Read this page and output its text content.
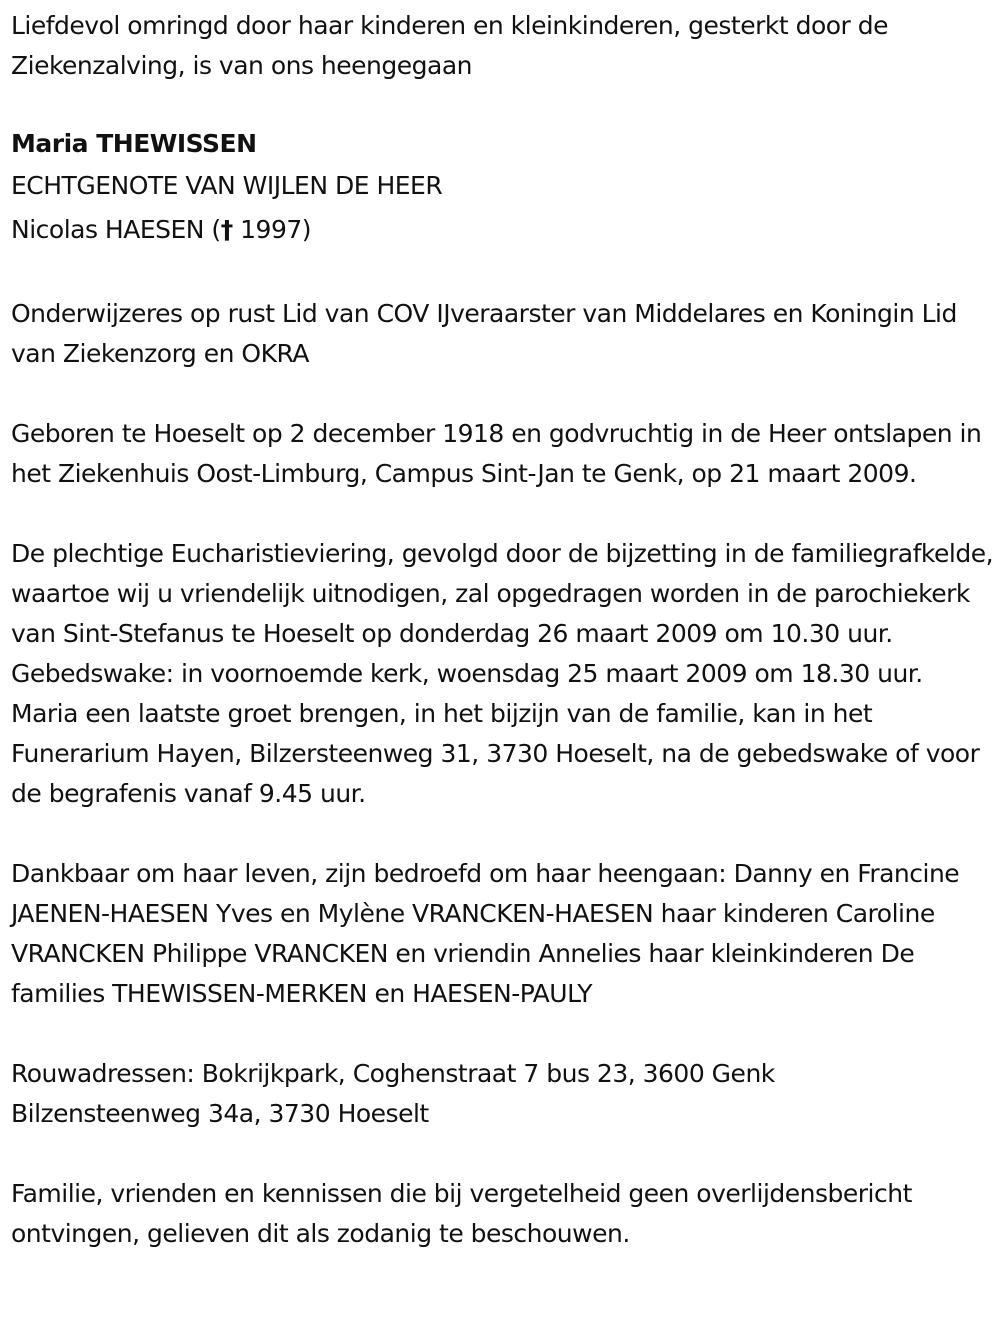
Liefdevol omringd door haar kinderen en kleinkinderen, gesterkt door de Ziekenzalving, is van ons heengegaan

Maria THEWISSEN

ECHTGENOTE VAN WIJLEN DE HEER

Nicolas HAESEN († 1997)

Onderwijzeres op rust Lid van COV IJveraarster van Middelares en Koningin Lid van Ziekenzorg en OKRA

Geboren te Hoeselt op 2 december 1918 en godvruchtig in de Heer ontslapen in het Ziekenhuis Oost-Limburg, Campus Sint-Jan te Genk, op 21 maart 2009.

De plechtige Eucharistieviering, gevolgd door de bijzetting in de familiegrafkelde, waartoe wij u vriendelijk uitnodigen, zal opgedragen worden in de parochiekerk van Sint-Stefanus te Hoeselt op donderdag 26 maart 2009 om 10.30 uur. Gebedswake: in voornoemde kerk, woensdag 25 maart 2009 om 18.30 uur. Maria een laatste groet brengen, in het bijzijn van de familie, kan in het Funerarium Hayen, Bilzersteenweg 31, 3730 Hoeselt, na de gebedswake of voor de begrafenis vanaf 9.45 uur.

Dankbaar om haar leven, zijn bedroefd om haar heengaan: Danny en Francine JAENEN-HAESEN Yves en Mylène VRANCKEN-HAESEN haar kinderen Caroline VRANCKEN Philippe VRANCKEN en vriendin Annelies haar kleinkinderen De families THEWISSEN-MERKEN en HAESEN-PAULY

Rouwadressen: Bokrijkpark, Coghenstraat 7 bus 23, 3600 Genk

Bilzensteenweg 34a, 3730 Hoeselt

Familie, vrienden en kennissen die bij vergetelheid geen overlijdensbericht ontvingen, gelieven dit als zodanig te beschouwen.
